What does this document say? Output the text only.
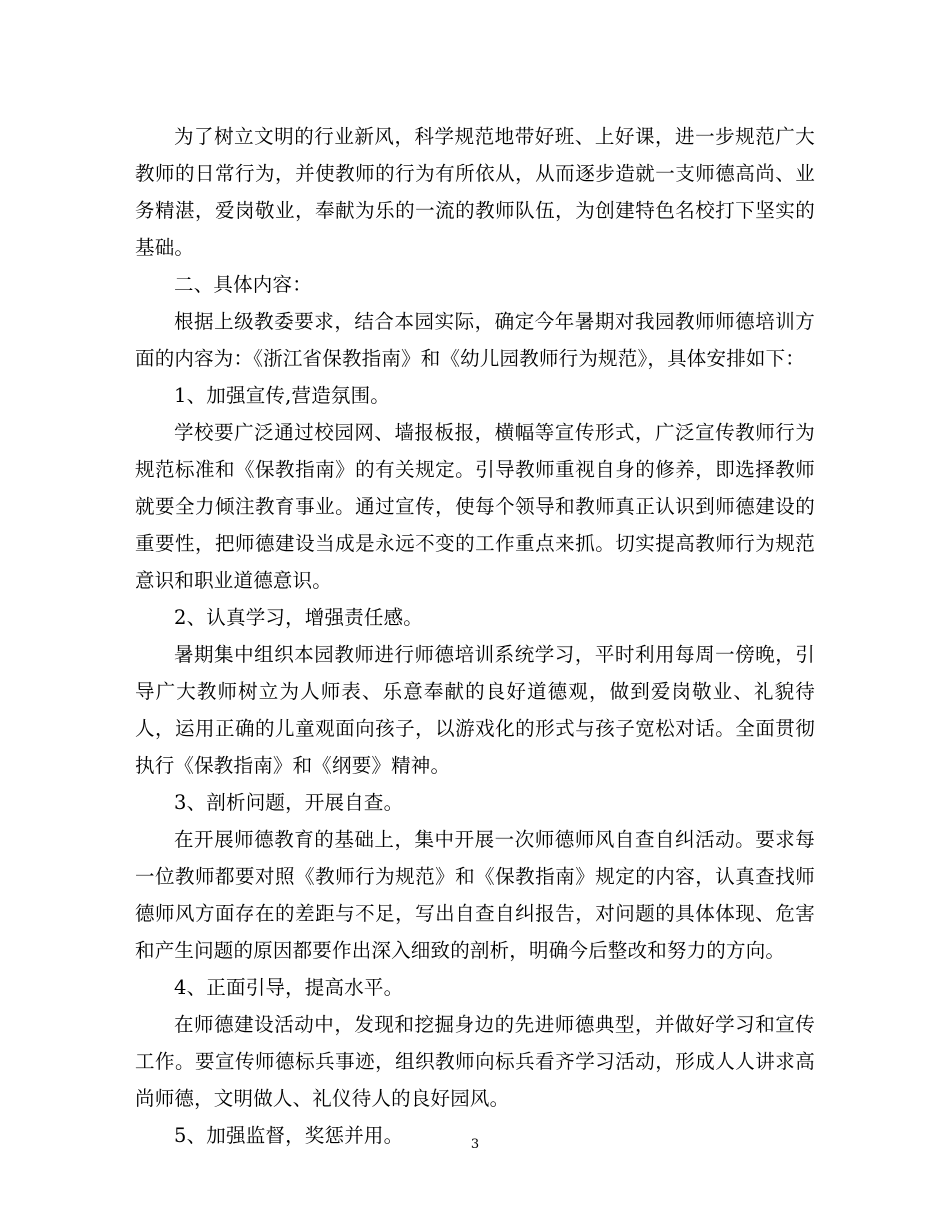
为了树立文明的行业新风，科学规范地带好班、上好课，进一步规范广大教师的日常行为，并使教师的行为有所依从，从而逐步造就一支师德高尚、业务精湛，爱岗敬业，奉献为乐的一流的教师队伍，为创建特色名校打下坚实的基础。

二、具体内容：

根据上级教委要求，结合本园实际，确定今年暑期对我园教师师德培训方面的内容为：《浙江省保教指南》和《幼儿园教师行为规范》，具体安排如下：

1、加强宣传,营造氛围。

学校要广泛通过校园网、墙报板报，横幅等宣传形式，广泛宣传教师行为规范标准和《保教指南》的有关规定。引导教师重视自身的修养，即选择教师就要全力倾注教育事业。通过宣传，使每个领导和教师真正认识到师德建设的重要性，把师德建设当成是永远不变的工作重点来抓。切实提高教师行为规范意识和职业道德意识。

2、认真学习，增强责任感。

暑期集中组织本园教师进行师德培训系统学习，平时利用每周一傍晚，引导广大教师树立为人师表、乐意奉献的良好道德观，做到爱岗敬业、礼貌待人，运用正确的儿童观面向孩子，以游戏化的形式与孩子宽松对话。全面贯彻执行《保教指南》和《纲要》精神。

3、剖析问题，开展自查。

在开展师德教育的基础上，集中开展一次师德师风自查自纠活动。要求每一位教师都要对照《教师行为规范》和《保教指南》规定的内容，认真查找师德师风方面存在的差距与不足，写出自查自纠报告，对问题的具体体现、危害和产生问题的原因都要作出深入细致的剖析，明确今后整改和努力的方向。

4、正面引导，提高水平。

在师德建设活动中，发现和挖掘身边的先进师德典型，并做好学习和宣传工作。要宣传师德标兵事迹，组织教师向标兵看齐学习活动，形成人人讲求高尚师德，文明做人、礼仪待人的良好园风。

5、加强监督，奖惩并用。	3
